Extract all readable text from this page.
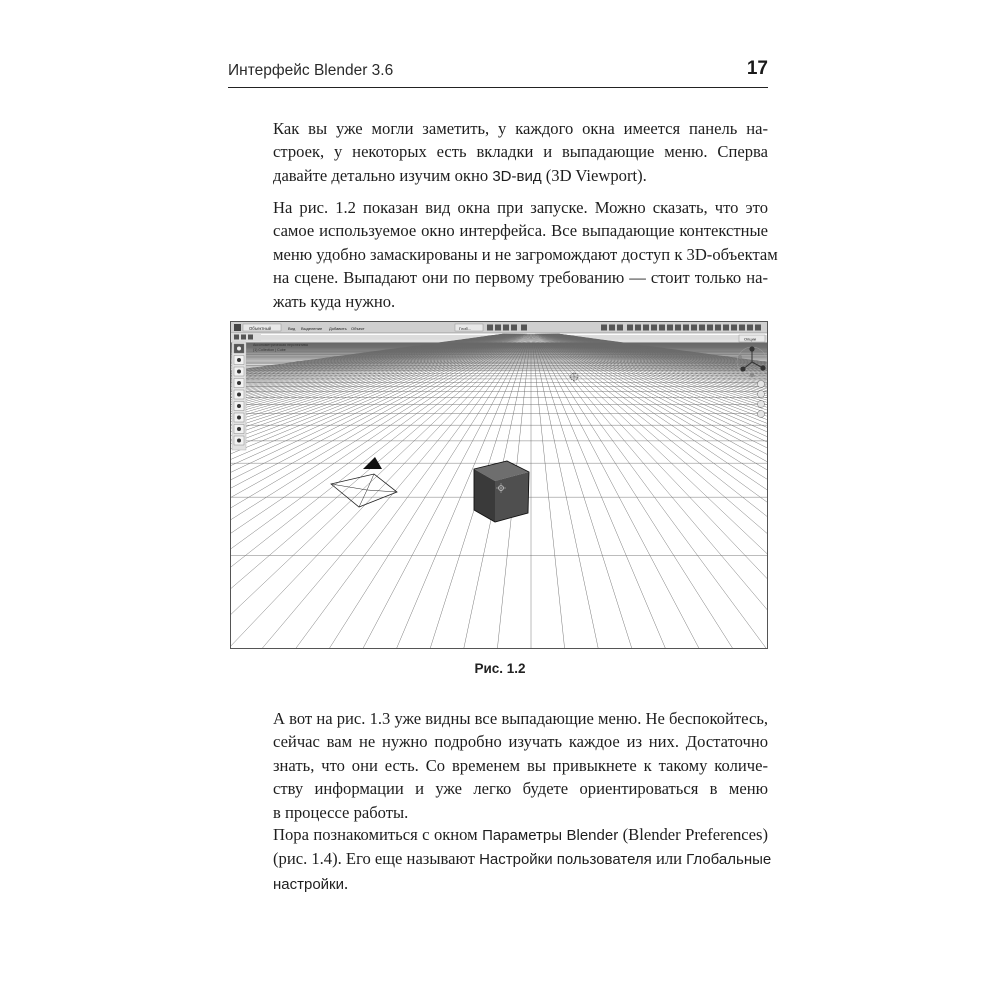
Интерфейс Blender 3.6	17
Как вы уже могли заметить, у каждого окна имеется панель на-
строек, у некоторых есть вкладки и выпадающие меню. Сперва
давайте детально изучим окно 3D-вид (3D Viewport).
На рис. 1.2 показан вид окна при запуске. Можно сказать, что это
самое используемое окно интерфейса. Все выпадающие контекстные
меню удобно замаскированы и не загромождают доступ к 3D-объектам
на сцене. Выпадают они по первому требованию — стоит только на-
жать куда нужно.
Объектный	Вид Выделение Добавить Объект	Глоб...
Аксонометрическая перспектива
(1) Collection | Cube
Опции
Рис. 1.2
А вот на рис. 1.3 уже видны все выпадающие меню. Не беспокойтесь,
сейчас вам не нужно подробно изучать каждое из них. Достаточно
знать, что они есть. Со временем вы привыкнете к такому количе-
ству информации и уже легко будете ориентироваться в меню
в процессе работы.
Пора познакомиться с окном Параметры Blender (Blender Preferences)
(рис. 1.4). Его еще называют Настройки пользователя или Глобальные
настройки.
